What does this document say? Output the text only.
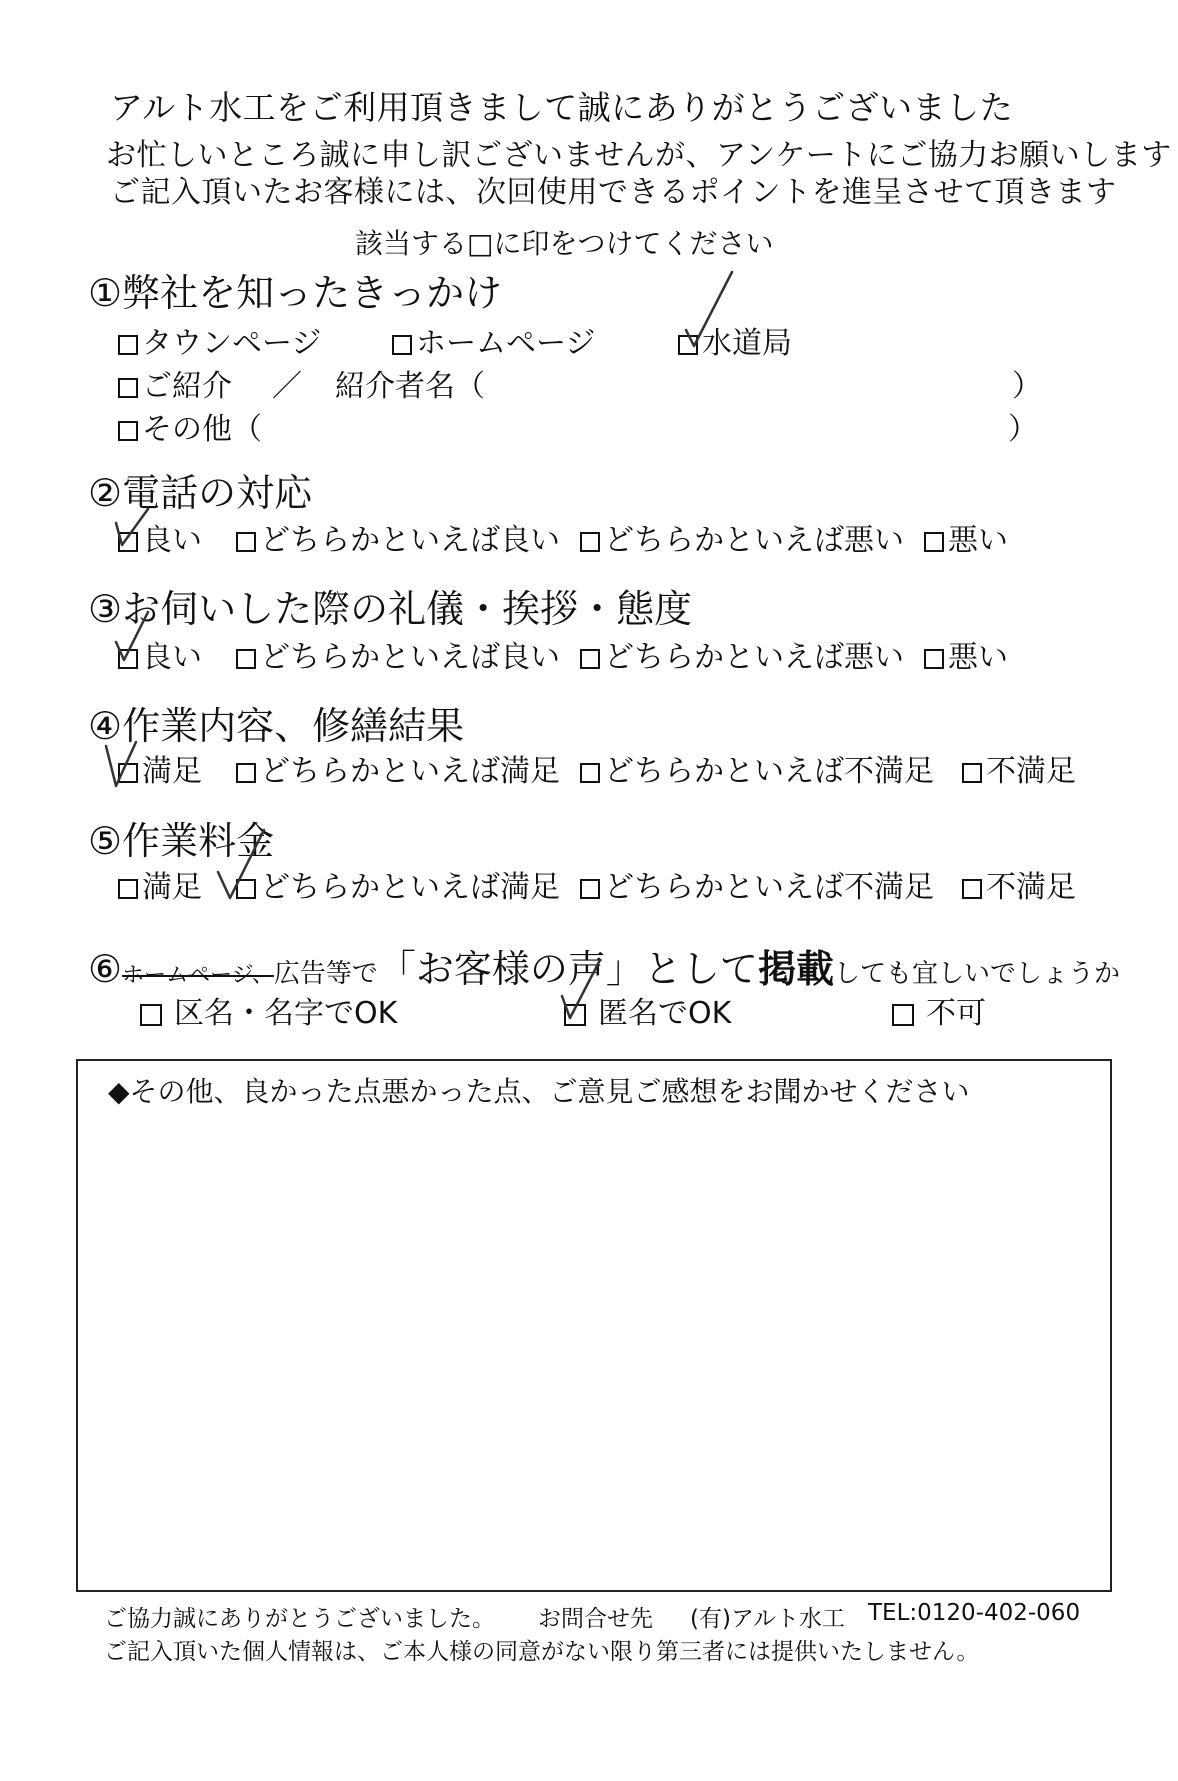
アルト水工をご利用頂きまして誠にありがとうございました
お忙しいところ誠に申し訳ございませんが、アンケートにご協力お願いします
ご記入頂いたお客様には、次回使用できるポイントを進呈させて頂きます
該当する□に印をつけてください
①弊社を知ったきっかけ
タウンページ	ホームページ	水道局
ご紹介 ／ 紹介者名（	）
その他（	）
②電話の対応
良い	どちらかといえば良い	どちらかといえば悪い	悪い
③お伺いした際の礼儀・挨拶・態度
良い	どちらかといえば良い	どちらかといえば悪い	悪い
④作業内容、修繕結果
満足	どちらかといえば満足	どちらかといえば不満足	不満足
⑤作業料金
満足	どちらかといえば満足	どちらかといえば不満足	不満足
⑥ホームページ、広告等で「お客様の声」として掲載しても宜しいでしょうか
区名・名字でOK	匿名でOK	不可
◆その他、良かった点悪かった点、ご意見ご感想をお聞かせください
ご協力誠にありがとうございました。 お問合せ先 (有)アルト水工 TEL:0120-402-060
ご記入頂いた個人情報は、ご本人様の同意がない限り第三者には提供いたしません。
